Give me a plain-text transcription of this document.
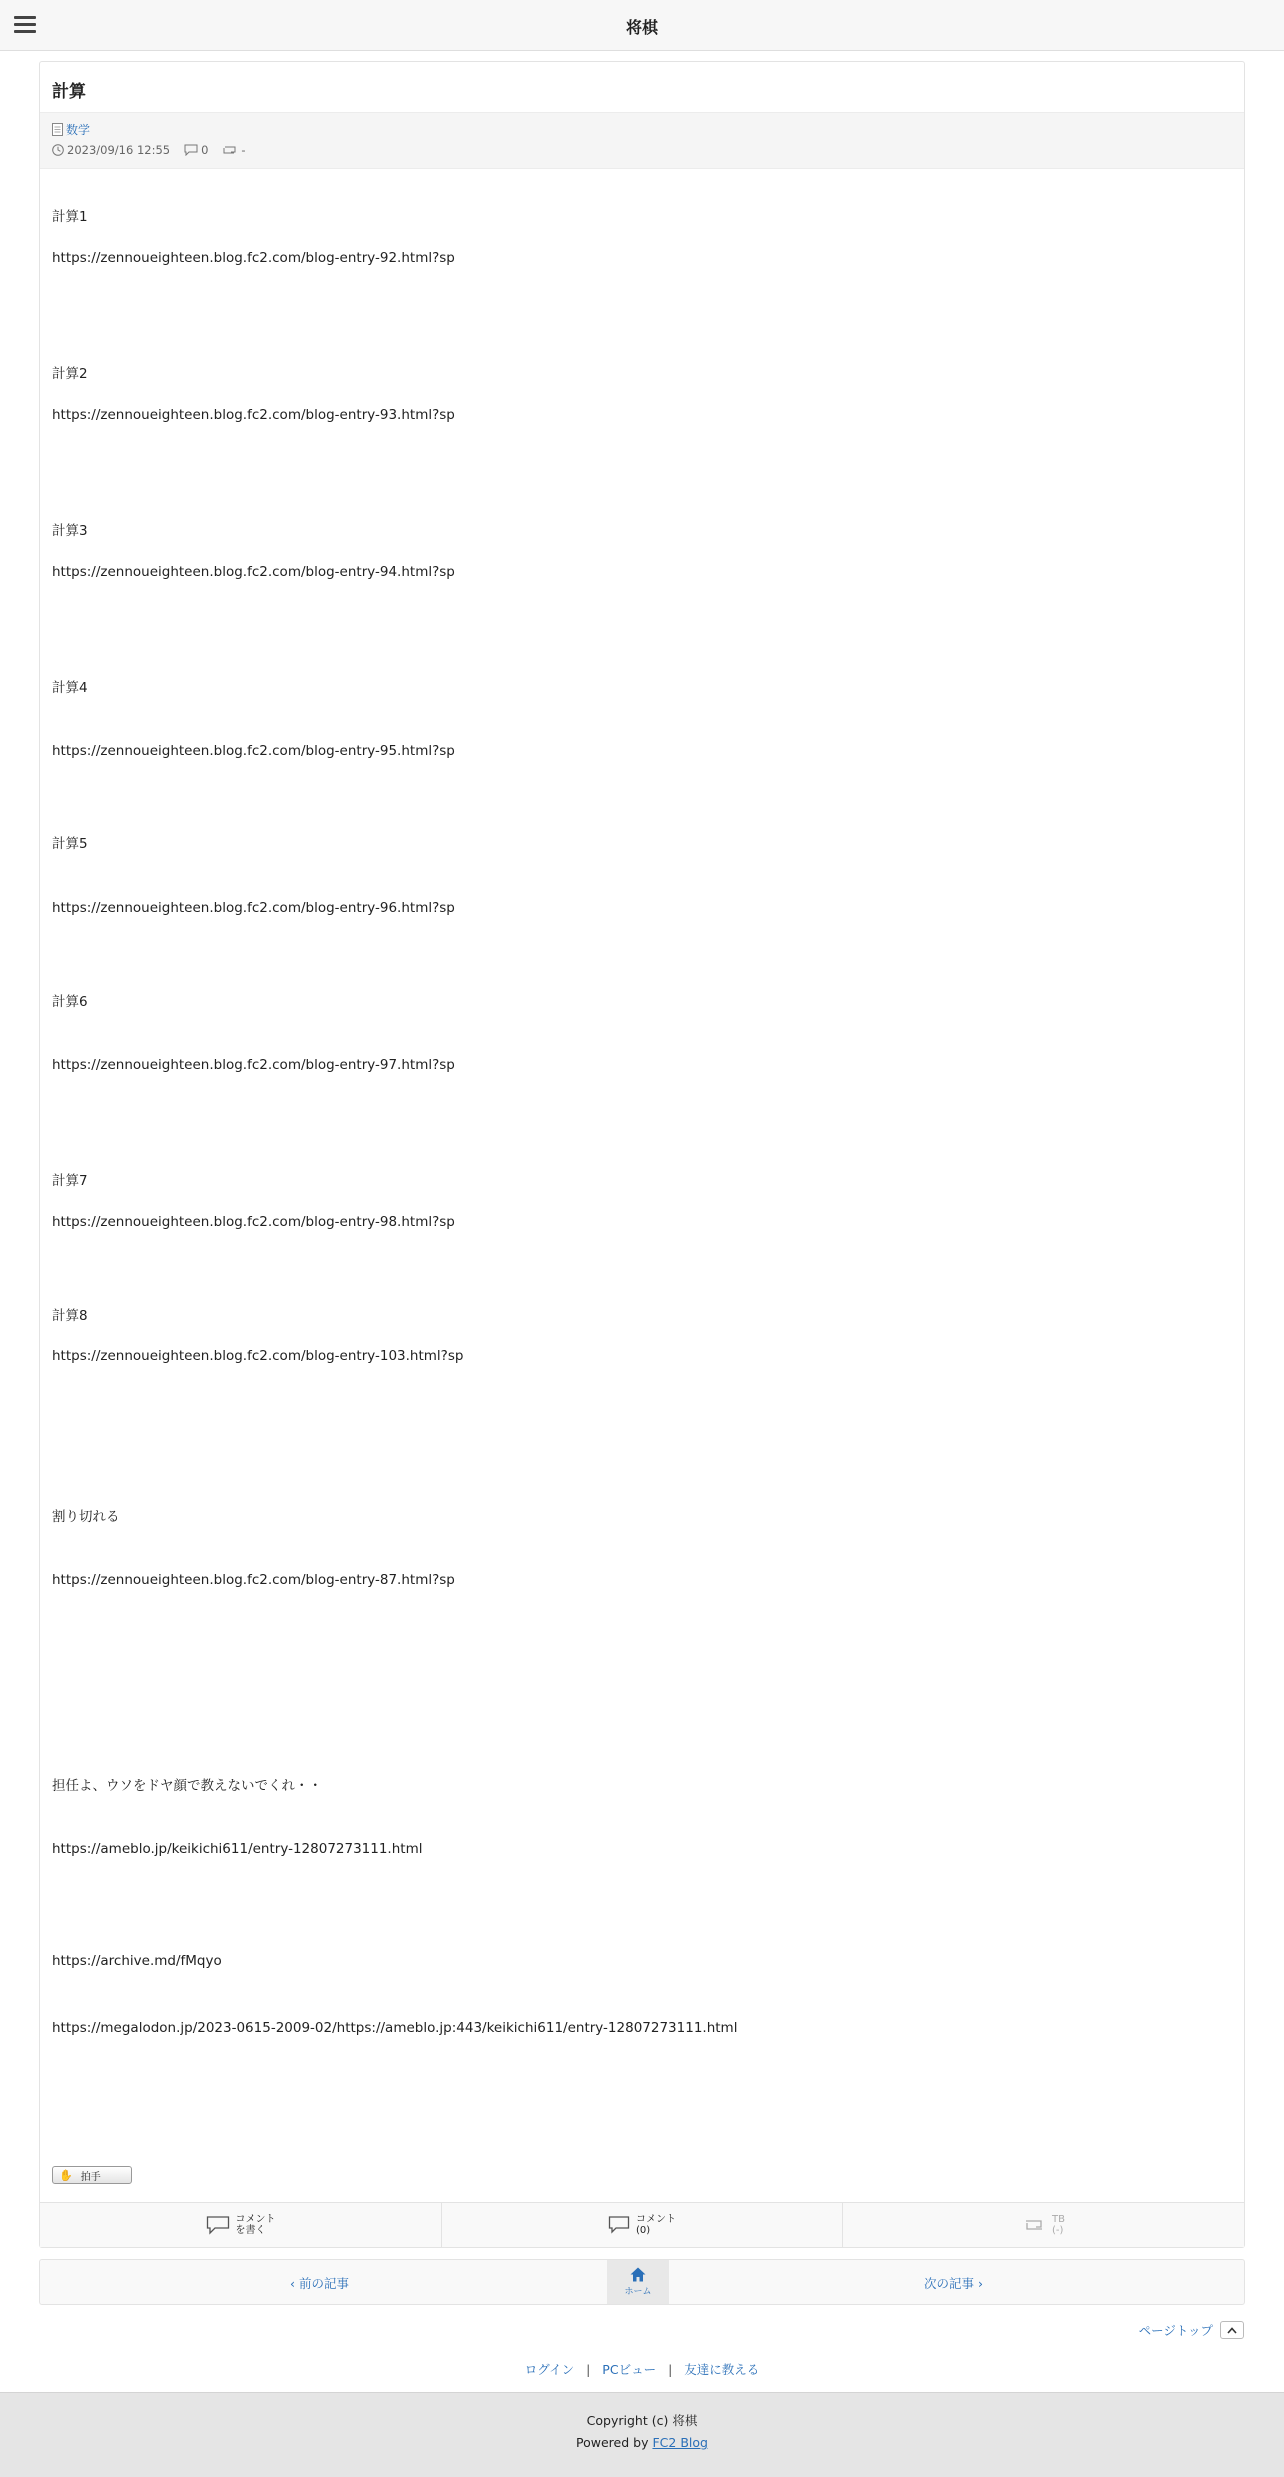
将棋
計算
数学
2023/09/16 12:55	0	-
計算1
https://zennoueighteen.blog.fc2.com/blog-entry-92.html?sp
計算2
https://zennoueighteen.blog.fc2.com/blog-entry-93.html?sp
計算3
https://zennoueighteen.blog.fc2.com/blog-entry-94.html?sp
計算4
https://zennoueighteen.blog.fc2.com/blog-entry-95.html?sp
計算5
https://zennoueighteen.blog.fc2.com/blog-entry-96.html?sp
計算6
https://zennoueighteen.blog.fc2.com/blog-entry-97.html?sp
計算7
https://zennoueighteen.blog.fc2.com/blog-entry-98.html?sp
計算8
https://zennoueighteen.blog.fc2.com/blog-entry-103.html?sp
割り切れる
https://zennoueighteen.blog.fc2.com/blog-entry-87.html?sp
担任よ、ウソをドヤ顔で教えないでくれ・・
https://ameblo.jp/keikichi611/entry-12807273111.html
https://archive.md/fMqyo
https://megalodon.jp/2023-0615-2009-02/https://ameblo.jp:443/keikichi611/entry-12807273111.html
✋ 拍手
コメント
を書く
コメント
(0)
TB
(-)
‹ 前の記事
ホーム
次の記事 ›
ページトップ
ログイン | PCビュー | 友達に教える
Copyright (c) 将棋
Powered by FC2 Blog
